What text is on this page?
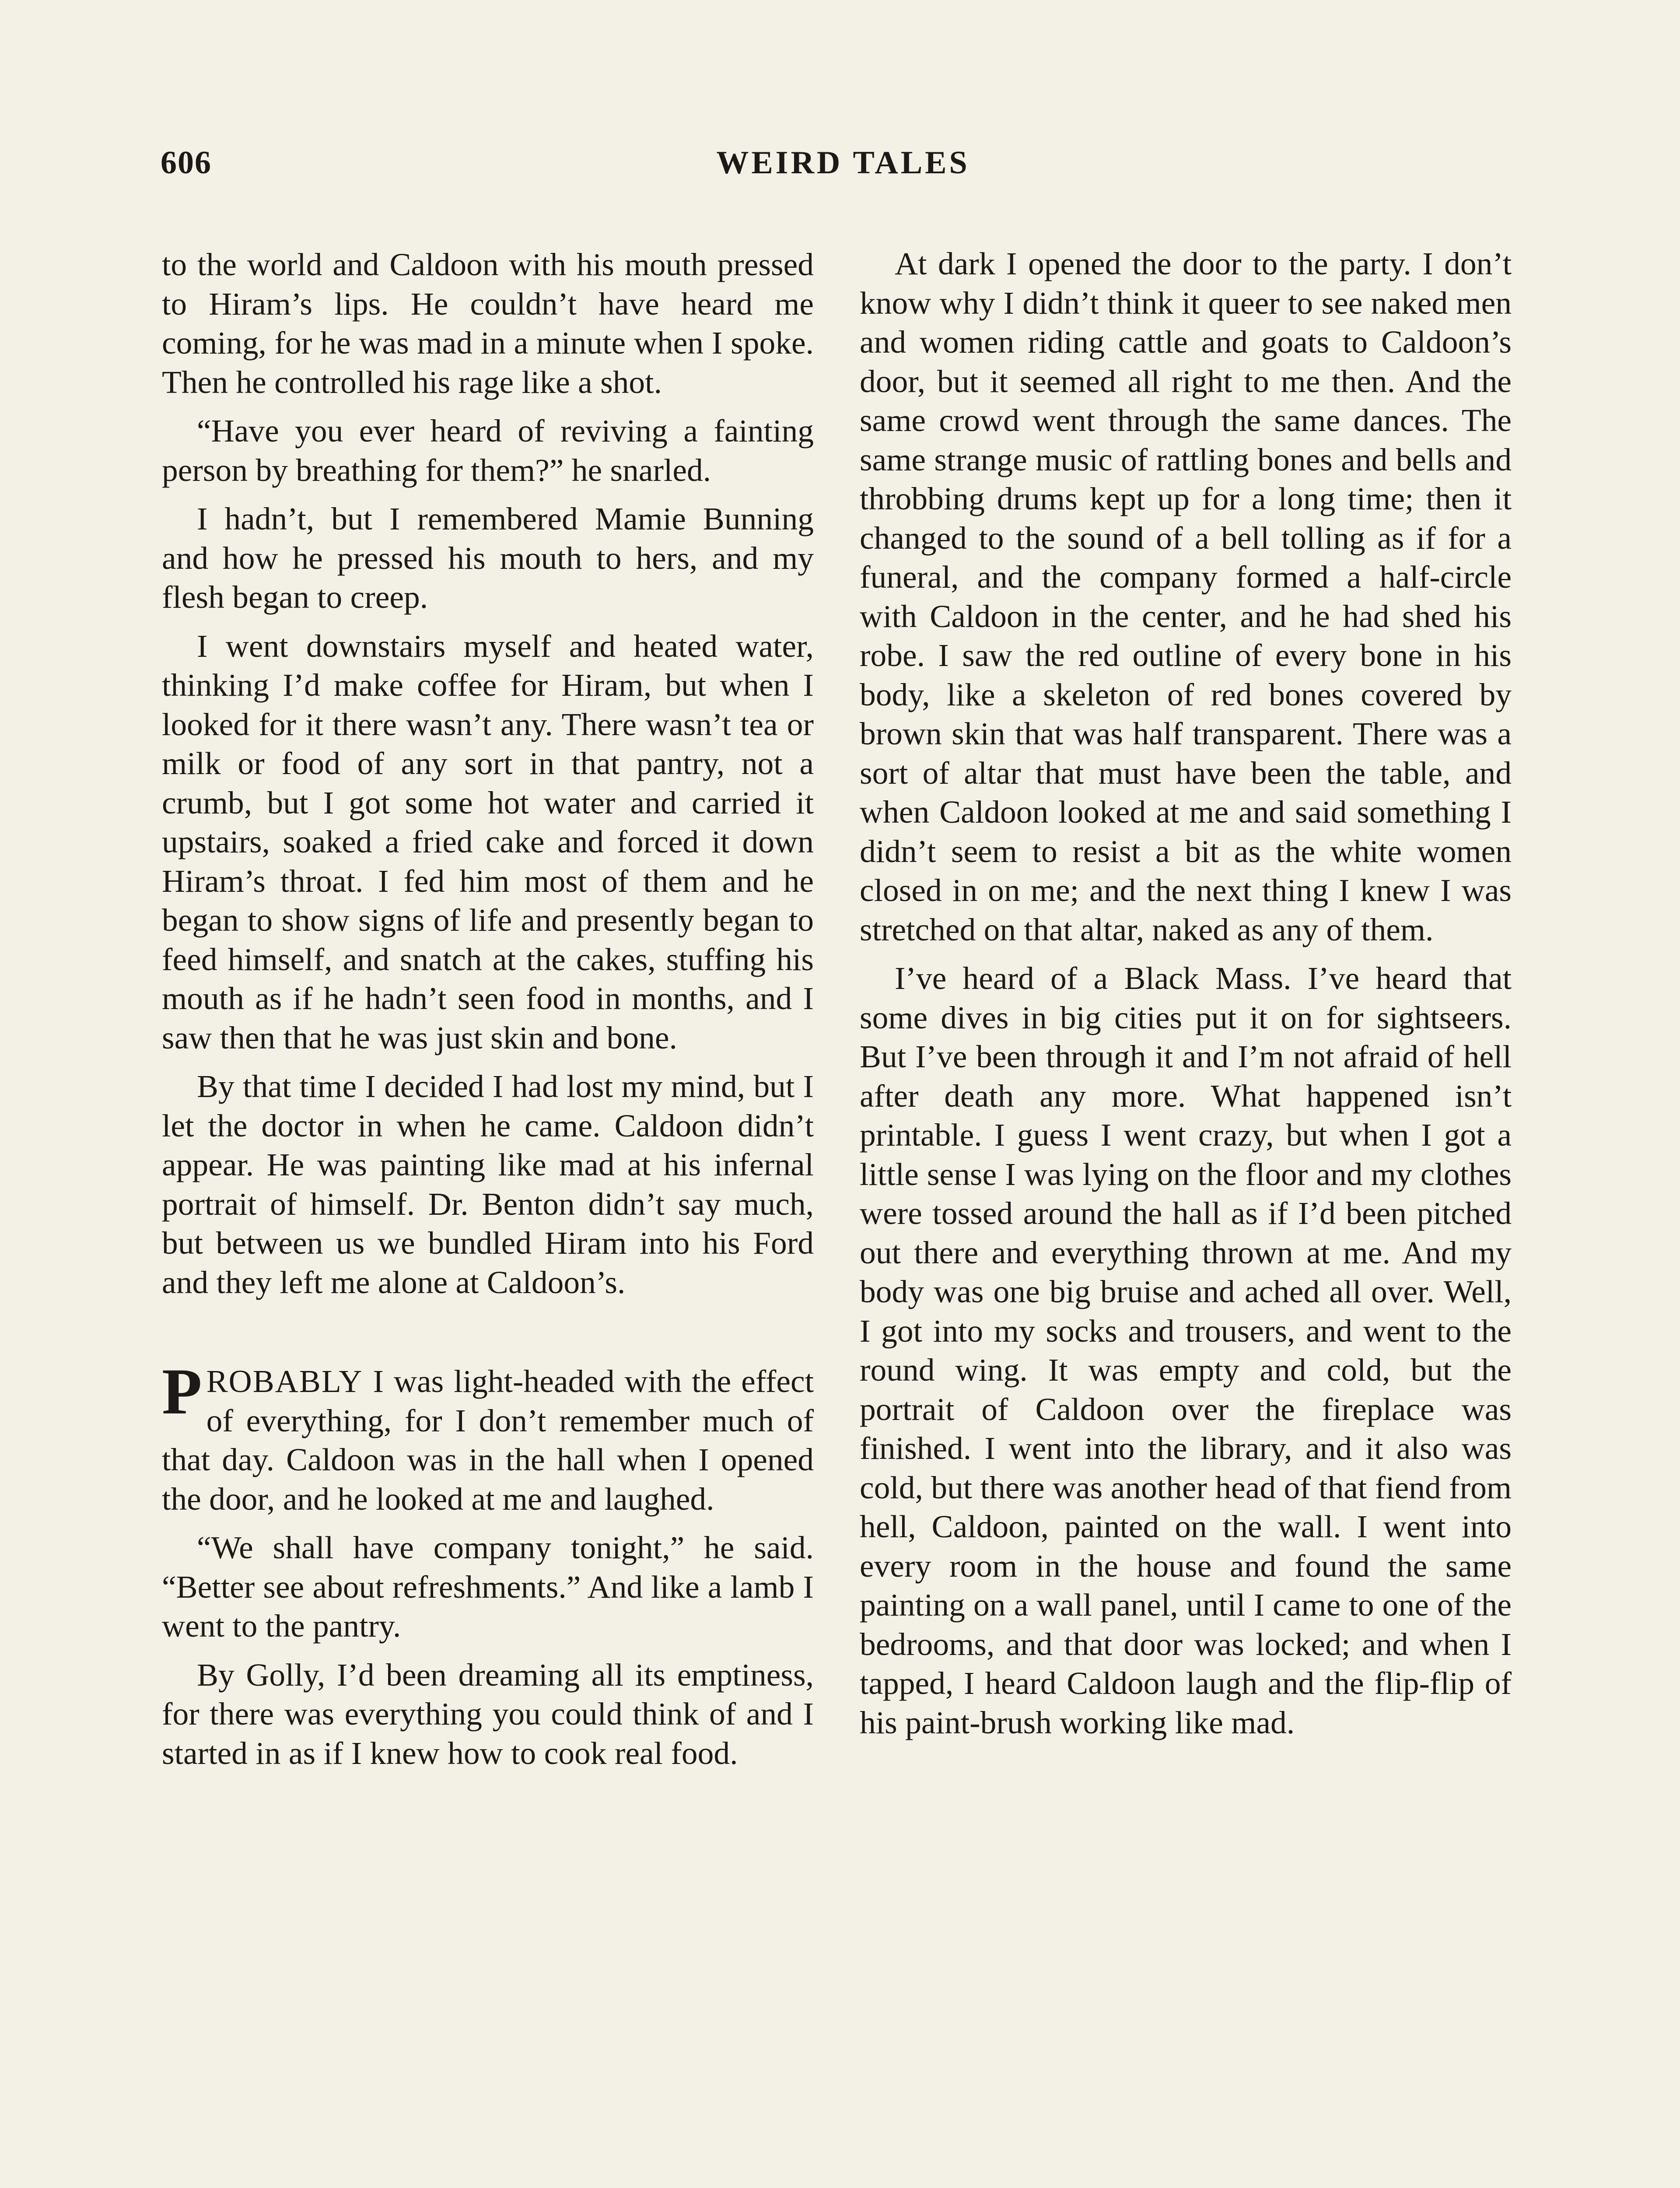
606	WEIRD TALES

to the world and Caldoon with his mouth pressed to Hiram’s lips. He couldn’t have heard me coming, for he was mad in a minute when I spoke. Then he controlled his rage like a shot.

“Have you ever heard of reviving a fainting person by breathing for them?” he snarled.

I hadn’t, but I remembered Mamie Bunning and how he pressed his mouth to hers, and my flesh began to creep.

I went downstairs myself and heated water, thinking I’d make coffee for Hiram, but when I looked for it there wasn’t any. There wasn’t tea or milk or food of any sort in that pantry, not a crumb, but I got some hot water and carried it upstairs, soaked a fried cake and forced it down Hiram’s throat. I fed him most of them and he began to show signs of life and presently began to feed himself, and snatch at the cakes, stuffing his mouth as if he hadn’t seen food in months, and I saw then that he was just skin and bone.

By that time I decided I had lost my mind, but I let the doctor in when he came. Caldoon didn’t appear. He was painting like mad at his infernal portrait of himself. Dr. Benton didn’t say much, but between us we bundled Hiram into his Ford and they left me alone at Caldoon’s.

PROBABLY I was light-headed with the effect of everything, for I don’t remember much of that day. Caldoon was in the hall when I opened the door, and he looked at me and laughed.

“We shall have company tonight,” he said. “Better see about refreshments.” And like a lamb I went to the pantry.

By Golly, I’d been dreaming all its emptiness, for there was everything you could think of and I started in as if I knew how to cook real food.

At dark I opened the door to the party. I don’t know why I didn’t think it queer to see naked men and women riding cattle and goats to Caldoon’s door, but it seemed all right to me then. And the same crowd went through the same dances. The same strange music of rattling bones and bells and throbbing drums kept up for a long time; then it changed to the sound of a bell tolling as if for a funeral, and the company formed a half-circle with Caldoon in the center, and he had shed his robe. I saw the red outline of every bone in his body, like a skeleton of red bones covered by brown skin that was half transparent. There was a sort of altar that must have been the table, and when Caldoon looked at me and said something I didn’t seem to resist a bit as the white women closed in on me; and the next thing I knew I was stretched on that altar, naked as any of them.

I’ve heard of a Black Mass. I’ve heard that some dives in big cities put it on for sightseers. But I’ve been through it and I’m not afraid of hell after death any more. What happened isn’t printable. I guess I went crazy, but when I got a little sense I was lying on the floor and my clothes were tossed around the hall as if I’d been pitched out there and everything thrown at me. And my body was one big bruise and ached all over. Well, I got into my socks and trousers, and went to the round wing. It was empty and cold, but the portrait of Caldoon over the fireplace was finished. I went into the library, and it also was cold, but there was another head of that fiend from hell, Caldoon, painted on the wall. I went into every room in the house and found the same painting on a wall panel, until I came to one of the bedrooms, and that door was locked; and when I tapped, I heard Caldoon laugh and the flip-flip of his paint-brush working like mad.
